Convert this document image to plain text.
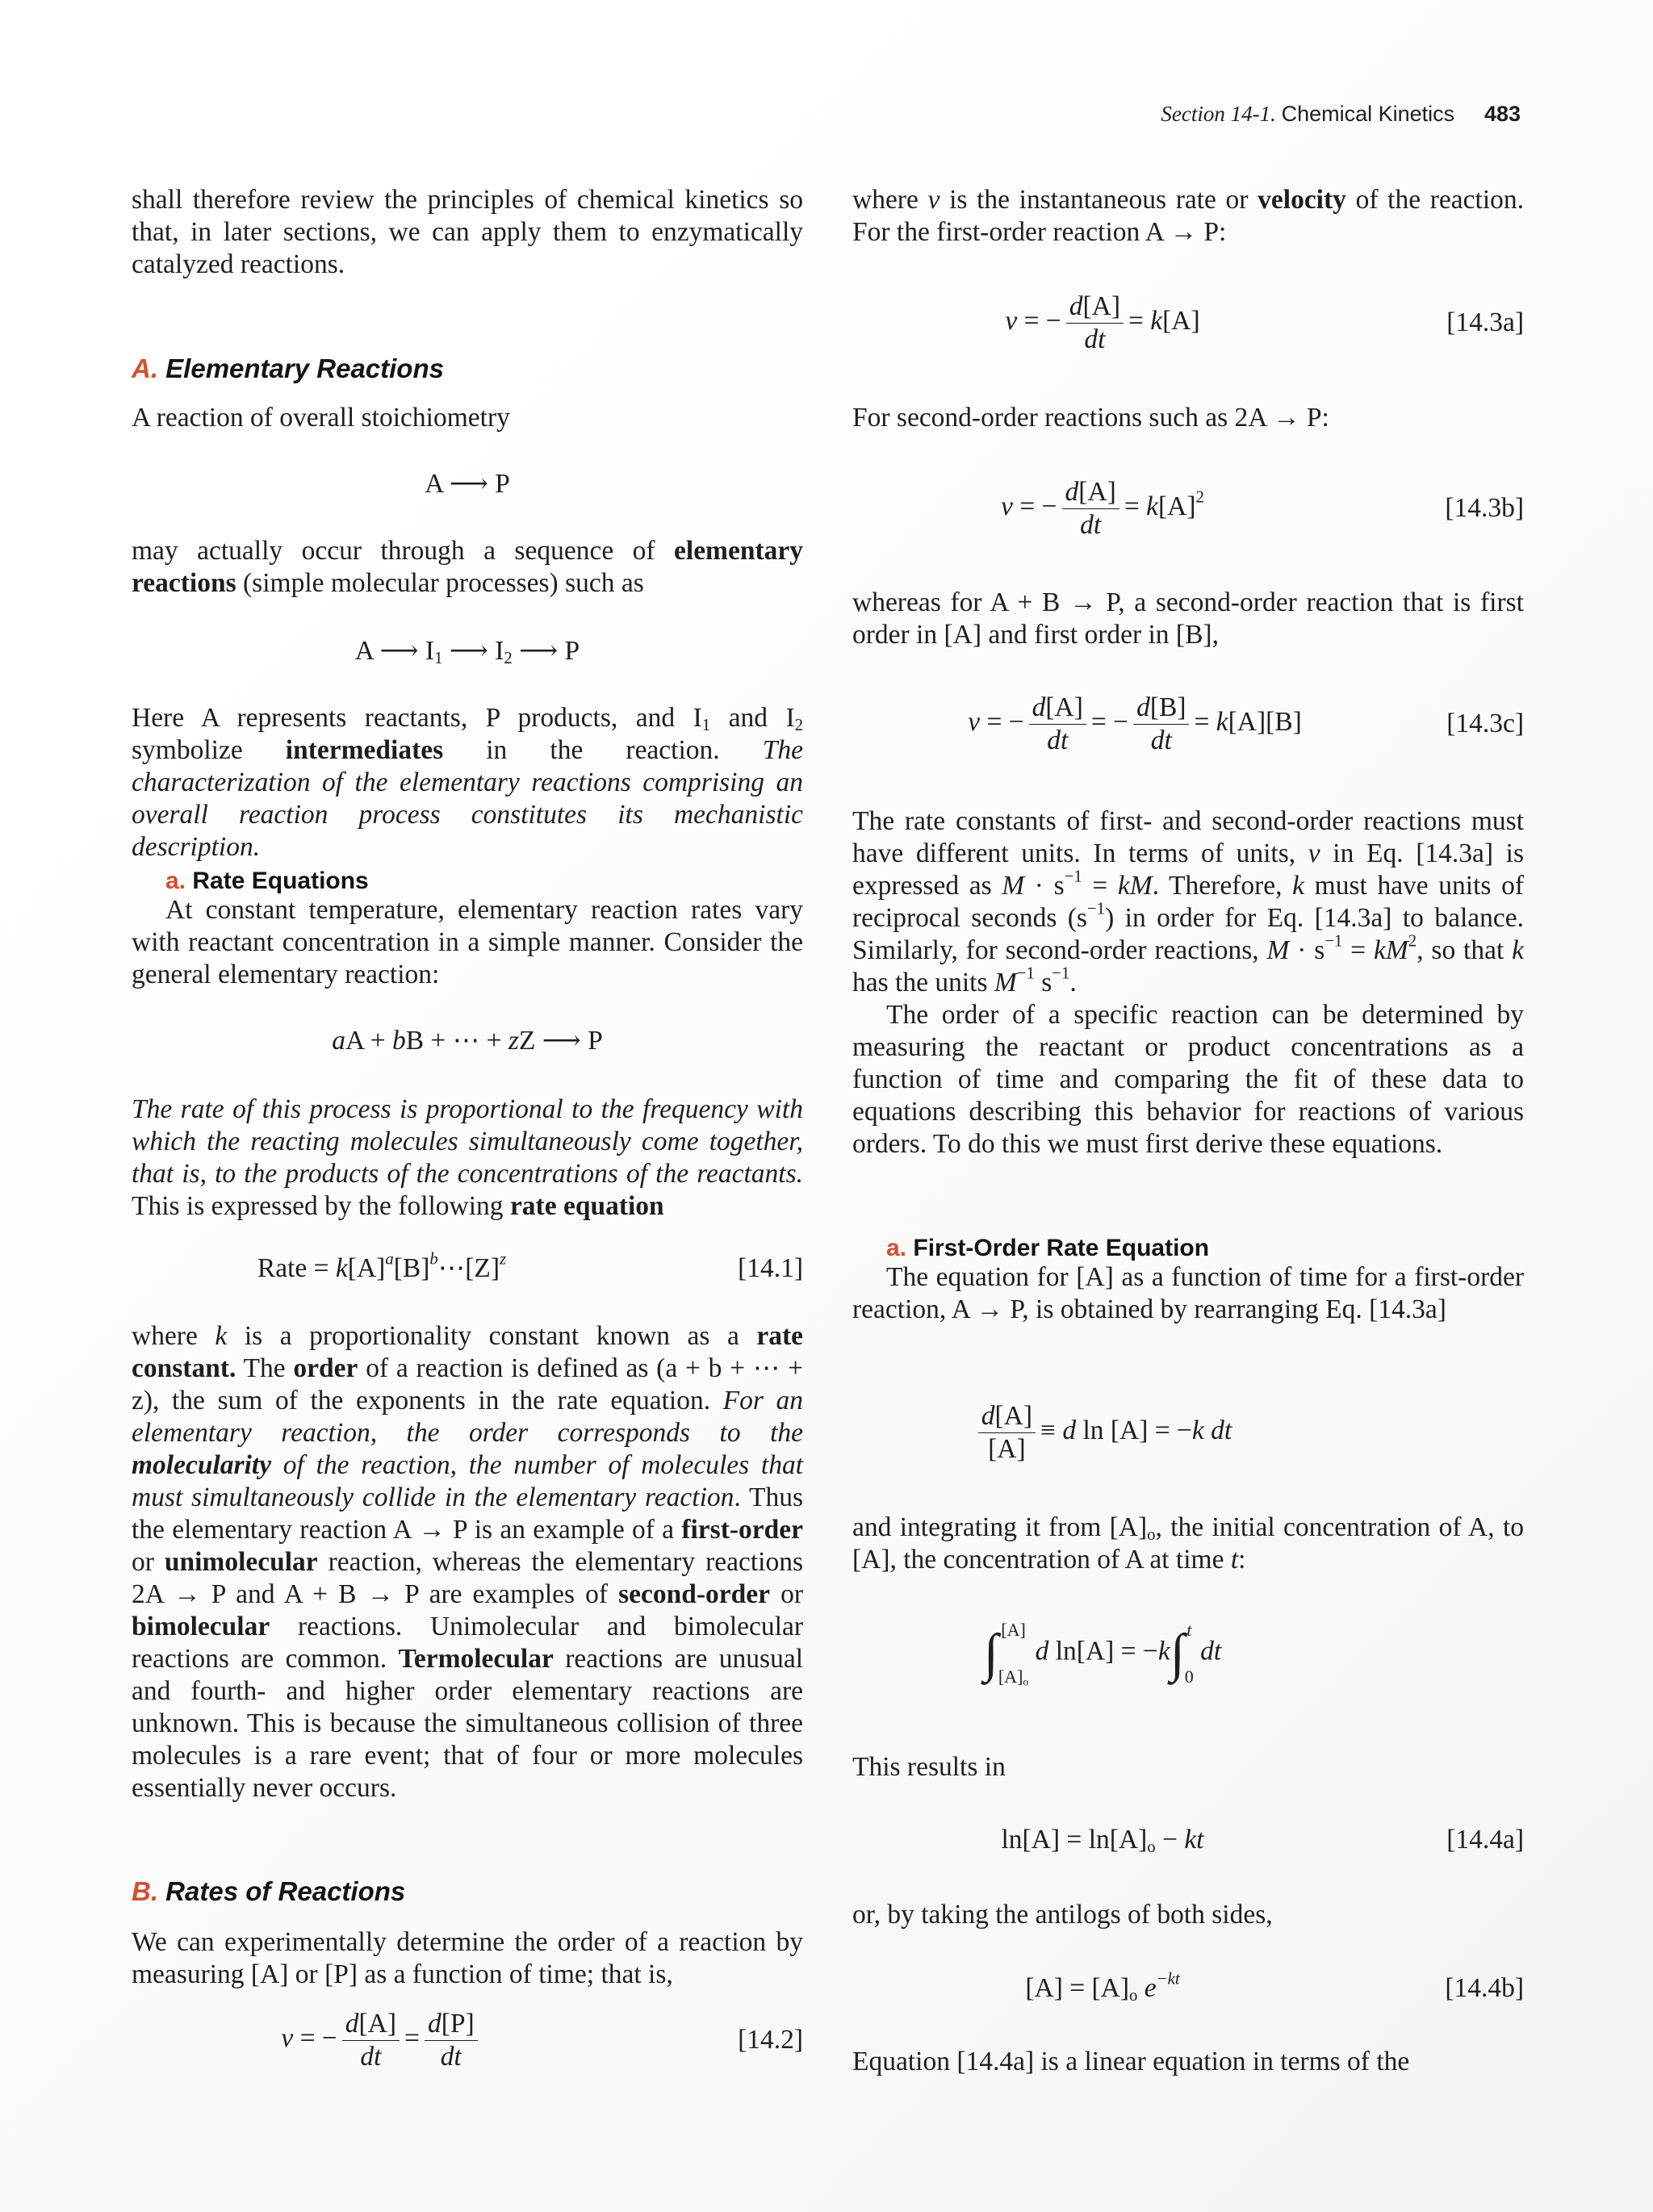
Section 14-1. Chemical Kinetics 483

shall therefore review the principles of chemical kinetics so that, in later sections, we can apply them to enzymatically catalyzed reactions.

A. Elementary Reactions

A reaction of overall stoichiometry

A ⟶ P

may actually occur through a sequence of elementary reactions (simple molecular processes) such as

A ⟶ $I_1$ ⟶ $I_2$ ⟶ P

Here A represents reactants, P products, and $I_1$ and $I_2$ symbolize intermediates in the reaction. The characterization of the elementary reactions comprising an overall reaction process constitutes its mechanistic description.

a. Rate Equations

At constant temperature, elementary reaction rates vary with reactant concentration in a simple manner. Consider the general elementary reaction:

aA + bB + ⋯ + zZ ⟶ P

The rate of this process is proportional to the frequency with which the reacting molecules simultaneously come together, that is, to the products of the concentrations of the reactants. This is expressed by the following rate equation

Rate = $k[A]^a[B]^b\cdots[Z]^z$	[14.1]

where k is a proportionality constant known as a rate constant. The order of a reaction is defined as (a + b + ⋯ + z), the sum of the exponents in the rate equation. For an elementary reaction, the order corresponds to the molecularity of the reaction, the number of molecules that must simultaneously collide in the elementary reaction. Thus the elementary reaction A → P is an example of a first-order or unimolecular reaction, whereas the elementary reactions 2A → P and A + B → P are examples of second-order or bimolecular reactions. Unimolecular and bimolecular reactions are common. Termolecular reactions are unusual and fourth- and higher order elementary reactions are unknown. This is because the simultaneous collision of three molecules is a rare event; that of four or more molecules essentially never occurs.

B. Rates of Reactions

We can experimentally determine the order of a reaction by measuring [A] or [P] as a function of time; that is,

v = − $\frac{d[A]}{dt} = \frac{d[P]}{dt}$	[14.2]

where v is the instantaneous rate or velocity of the reaction. For the first-order reaction A → P:

v = − $\frac{d[A]}{dt} = k[A]$	[14.3a]

For second-order reactions such as 2A → P:

v = − $\frac{d[A]}{dt} = k[A]^2$	[14.3b]

whereas for A + B → P, a second-order reaction that is first order in [A] and first order in [B],

v = − $\frac{d[A]}{dt}$ = − $\frac{d[B]}{dt} = k[A][B]$	[14.3c]

The rate constants of first- and second-order reactions must have different units. In terms of units, v in Eq. [14.3a] is expressed as $M \cdot s^{-1}$ = kM. Therefore, k must have units of reciprocal seconds $(s^{-1})$ in order for Eq. [14.3a] to balance. Similarly, for second-order reactions, $M \cdot s^{-1} = kM^2$, so that k has the units $M^{-1}$ $s^{-1}$.

The order of a specific reaction can be determined by measuring the reactant or product concentrations as a function of time and comparing the fit of these data to equations describing this behavior for reactions of various orders. To do this we must first derive these equations.

a. First-Order Rate Equation

The equation for [A] as a function of time for a first-order reaction, A → P, is obtained by rearranging Eq. [14.3a]

$\frac{d[A]}{[A]} \equiv d$ ln [A] = −k dt

and integrating it from $[A]_o$, the initial concentration of A, to [A], the concentration of A at time t:

∫ [A]
$[A]_o$
d ln[A] = −k∫ t
0
dt

This results in

$\ln[A] = \ln[A]_o$ − kt	[14.4a]

or, by taking the antilogs of both sides,

$[A] = [A]_o$ $e^{-kt}$	[14.4b]

Equation [14.4a] is a linear equation in terms of the
